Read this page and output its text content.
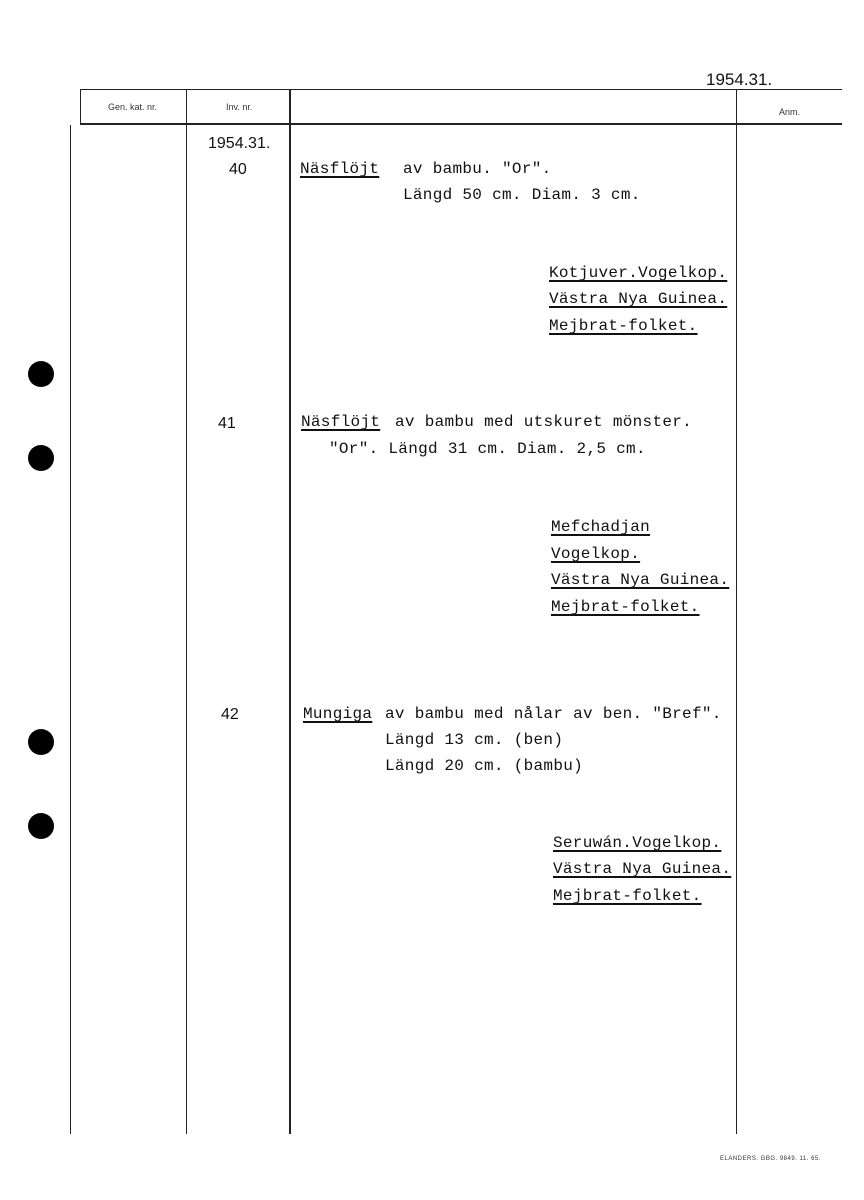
1954.31.
Gen. kat. nr.	Inv. nr.	Anm.
1954.31.
40	Näsflöjt av bambu. "Or".
Längd 50 cm. Diam. 3 cm.
Kotjuver.Vogelkop.
Västra Nya Guinea.
Mejbrat-folket.
41	Näsflöjt av bambu med utskuret mönster.
"Or". Längd 31 cm. Diam. 2,5 cm.
Mefchadjan
Vogelkop.
Västra Nya Guinea.
Mejbrat-folket.
42	Mungiga av bambu med nålar av ben. "Bref".
Längd 13 cm. (ben)
Längd 20 cm. (bambu)
Seruwán.Vogelkop.
Västra Nya Guinea.
Mejbrat-folket.
ELANDERS. GBG. 9849. 11. 65.
